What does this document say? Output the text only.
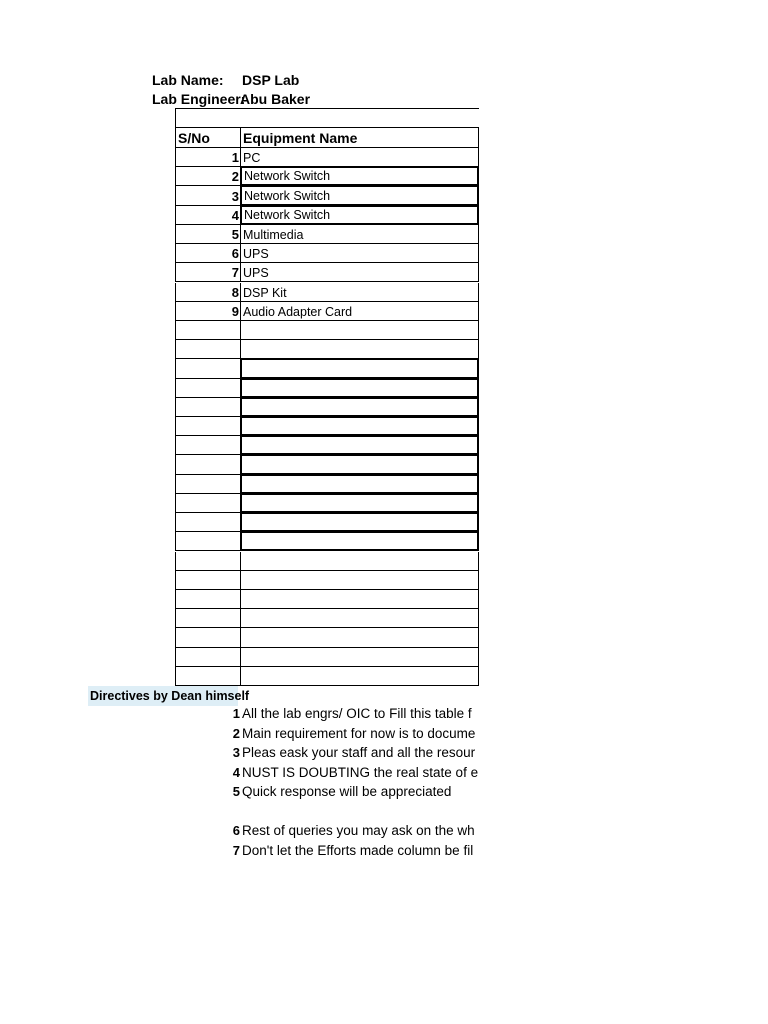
Lab Name: DSP Lab
Lab Engineer:
Abu Baker
S/No Equipment Name
1 PC
2 Network Switch
3 Network Switch
4 Network Switch
5 Multimedia
6 UPS
7 UPS
8 DSP Kit
9 Audio Adapter Card
Directives by Dean himself
1 All the lab engrs/ OIC to Fill this table f
2 Main requirement for now is to docume
3 Pleas eask your staff and all the resour
4 NUST IS DOUBTING the real state of e
5 Quick response will be appreciated
6 Rest of queries you may ask on the wh
7 Don't let the Efforts made column be fil
